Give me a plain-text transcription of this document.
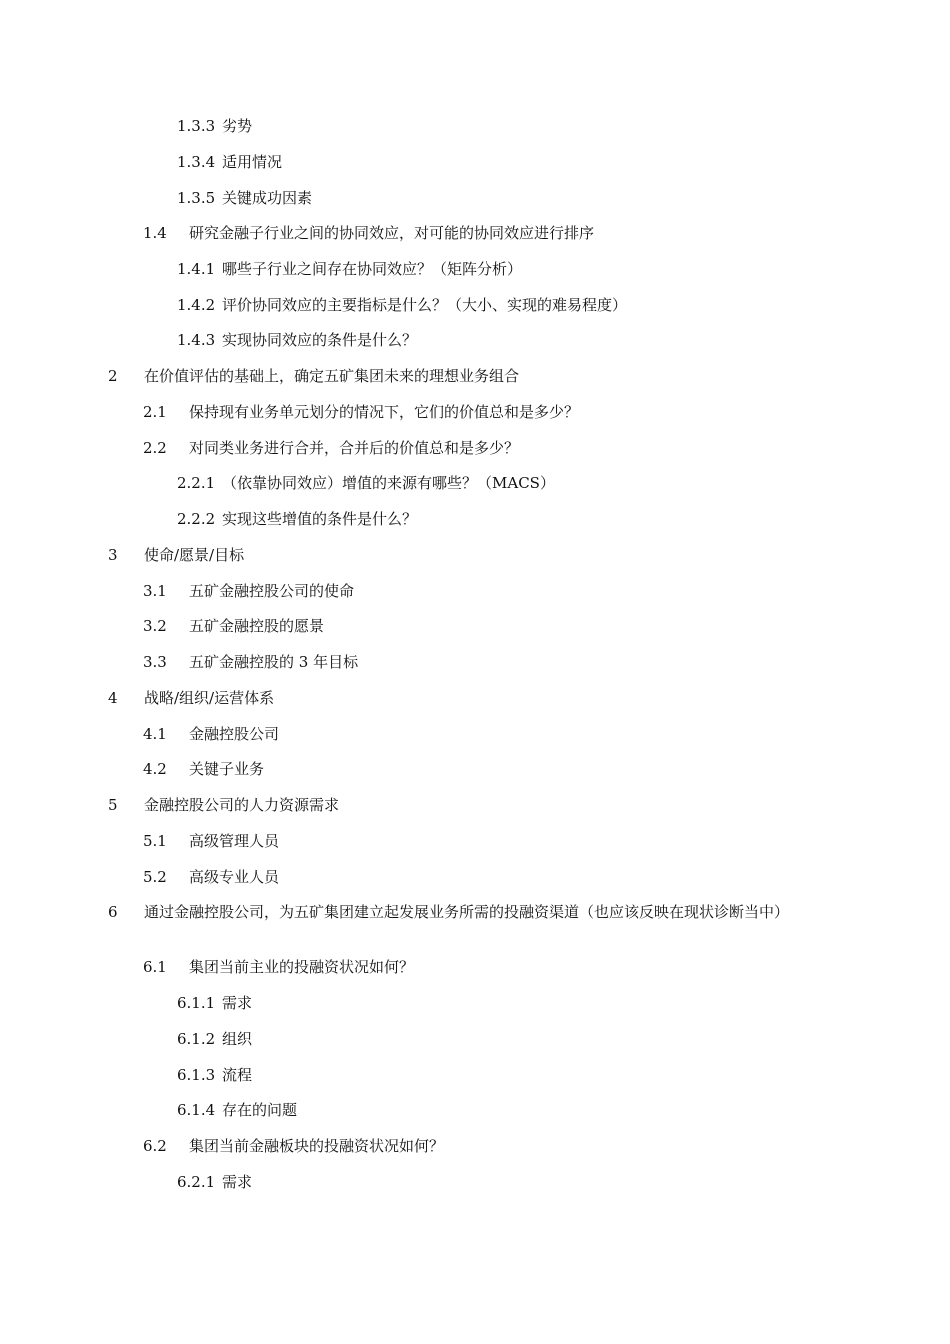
1.3.3 劣势
1.3.4 适用情况
1.3.5 关键成功因素
1.4	研究金融子行业之间的协同效应，对可能的协同效应进行排序
1.4.1 哪些子行业之间存在协同效应？（矩阵分析）
1.4.2 评价协同效应的主要指标是什么？（大小、实现的难易程度）
1.4.3 实现协同效应的条件是什么？
2	在价值评估的基础上，确定五矿集团未来的理想业务组合
2.1	保持现有业务单元划分的情况下，它们的价值总和是多少？
2.2	对同类业务进行合并，合并后的价值总和是多少？
2.2.1 （依靠协同效应）增值的来源有哪些？（MACS）
2.2.2 实现这些增值的条件是什么？
3	使命/愿景/目标
3.1	五矿金融控股公司的使命
3.2	五矿金融控股的愿景
3.3	五矿金融控股的 3 年目标
4	战略/组织/运营体系
4.1	金融控股公司
4.2	关键子业务
5	金融控股公司的人力资源需求
5.1	高级管理人员
5.2	高级专业人员
6	通过金融控股公司，为五矿集团建立起发展业务所需的投融资渠道（也应该反映在现状诊断当中）
6.1	集团当前主业的投融资状况如何？
6.1.1 需求
6.1.2 组织
6.1.3 流程
6.1.4 存在的问题
6.2	集团当前金融板块的投融资状况如何？
6.2.1 需求
